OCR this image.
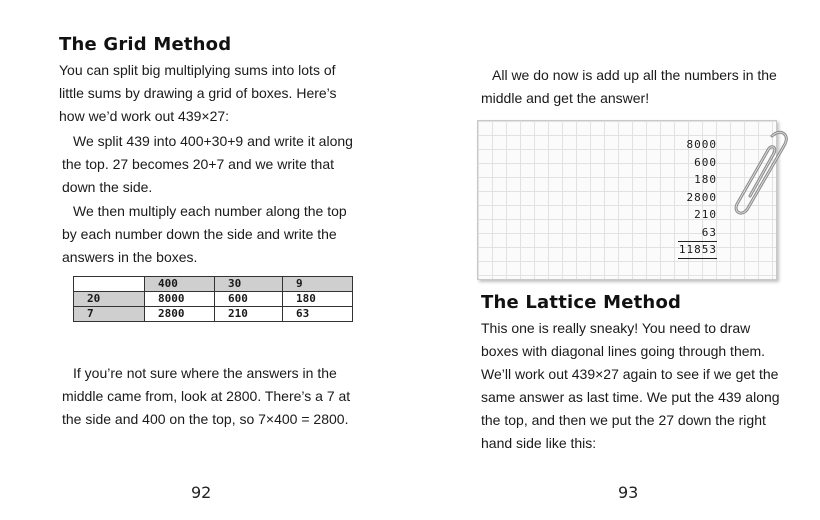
The Grid Method
You can split big multiplying sums into lots of little sums by drawing a grid of boxes. Here’s how we’d work out 439×27:
We split 439 into 400+30+9 and write it along the top. 27 becomes 20+7 and we write that down the side.
We then multiply each number along the top by each number down the side and write the answers in the boxes.
	400	30	9
20	8000	600	180
7	2800	210	63
If you’re not sure where the answers in the middle came from, look at 2800. There’s a 7 at the side and 400 on the top, so 7×400 = 2800.
92
All we do now is add up all the numbers in the middle and get the answer!
8000
600
180
2800
210
63
11853
The Lattice Method
This one is really sneaky! You need to draw boxes with diagonal lines going through them. We’ll work out 439×27 again to see if we get the same answer as last time. We put the 439 along the top, and then we put the 27 down the right hand side like this:
93
